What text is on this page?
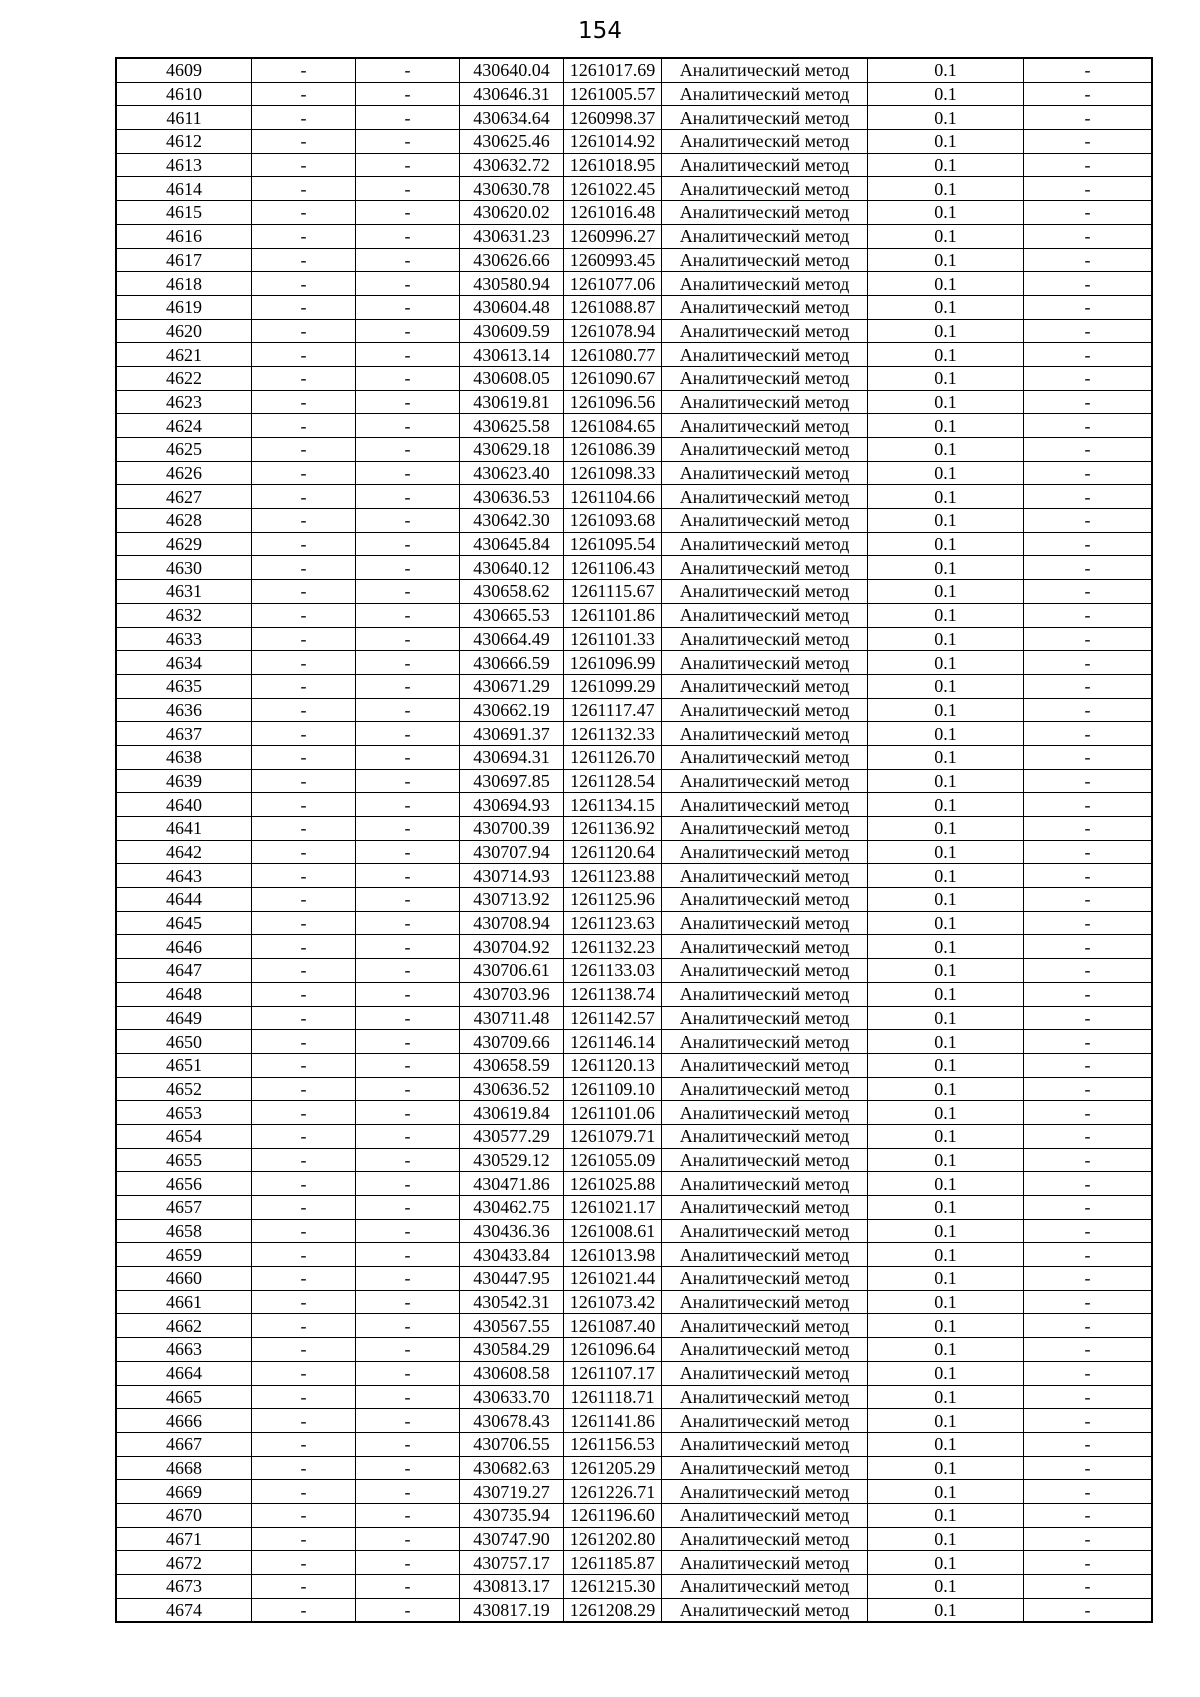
154
4609	-	-	430640.04	1261017.69	Аналитический метод	0.1	-
4610	-	-	430646.31	1261005.57	Аналитический метод	0.1	-
4611	-	-	430634.64	1260998.37	Аналитический метод	0.1	-
4612	-	-	430625.46	1261014.92	Аналитический метод	0.1	-
4613	-	-	430632.72	1261018.95	Аналитический метод	0.1	-
4614	-	-	430630.78	1261022.45	Аналитический метод	0.1	-
4615	-	-	430620.02	1261016.48	Аналитический метод	0.1	-
4616	-	-	430631.23	1260996.27	Аналитический метод	0.1	-
4617	-	-	430626.66	1260993.45	Аналитический метод	0.1	-
4618	-	-	430580.94	1261077.06	Аналитический метод	0.1	-
4619	-	-	430604.48	1261088.87	Аналитический метод	0.1	-
4620	-	-	430609.59	1261078.94	Аналитический метод	0.1	-
4621	-	-	430613.14	1261080.77	Аналитический метод	0.1	-
4622	-	-	430608.05	1261090.67	Аналитический метод	0.1	-
4623	-	-	430619.81	1261096.56	Аналитический метод	0.1	-
4624	-	-	430625.58	1261084.65	Аналитический метод	0.1	-
4625	-	-	430629.18	1261086.39	Аналитический метод	0.1	-
4626	-	-	430623.40	1261098.33	Аналитический метод	0.1	-
4627	-	-	430636.53	1261104.66	Аналитический метод	0.1	-
4628	-	-	430642.30	1261093.68	Аналитический метод	0.1	-
4629	-	-	430645.84	1261095.54	Аналитический метод	0.1	-
4630	-	-	430640.12	1261106.43	Аналитический метод	0.1	-
4631	-	-	430658.62	1261115.67	Аналитический метод	0.1	-
4632	-	-	430665.53	1261101.86	Аналитический метод	0.1	-
4633	-	-	430664.49	1261101.33	Аналитический метод	0.1	-
4634	-	-	430666.59	1261096.99	Аналитический метод	0.1	-
4635	-	-	430671.29	1261099.29	Аналитический метод	0.1	-
4636	-	-	430662.19	1261117.47	Аналитический метод	0.1	-
4637	-	-	430691.37	1261132.33	Аналитический метод	0.1	-
4638	-	-	430694.31	1261126.70	Аналитический метод	0.1	-
4639	-	-	430697.85	1261128.54	Аналитический метод	0.1	-
4640	-	-	430694.93	1261134.15	Аналитический метод	0.1	-
4641	-	-	430700.39	1261136.92	Аналитический метод	0.1	-
4642	-	-	430707.94	1261120.64	Аналитический метод	0.1	-
4643	-	-	430714.93	1261123.88	Аналитический метод	0.1	-
4644	-	-	430713.92	1261125.96	Аналитический метод	0.1	-
4645	-	-	430708.94	1261123.63	Аналитический метод	0.1	-
4646	-	-	430704.92	1261132.23	Аналитический метод	0.1	-
4647	-	-	430706.61	1261133.03	Аналитический метод	0.1	-
4648	-	-	430703.96	1261138.74	Аналитический метод	0.1	-
4649	-	-	430711.48	1261142.57	Аналитический метод	0.1	-
4650	-	-	430709.66	1261146.14	Аналитический метод	0.1	-
4651	-	-	430658.59	1261120.13	Аналитический метод	0.1	-
4652	-	-	430636.52	1261109.10	Аналитический метод	0.1	-
4653	-	-	430619.84	1261101.06	Аналитический метод	0.1	-
4654	-	-	430577.29	1261079.71	Аналитический метод	0.1	-
4655	-	-	430529.12	1261055.09	Аналитический метод	0.1	-
4656	-	-	430471.86	1261025.88	Аналитический метод	0.1	-
4657	-	-	430462.75	1261021.17	Аналитический метод	0.1	-
4658	-	-	430436.36	1261008.61	Аналитический метод	0.1	-
4659	-	-	430433.84	1261013.98	Аналитический метод	0.1	-
4660	-	-	430447.95	1261021.44	Аналитический метод	0.1	-
4661	-	-	430542.31	1261073.42	Аналитический метод	0.1	-
4662	-	-	430567.55	1261087.40	Аналитический метод	0.1	-
4663	-	-	430584.29	1261096.64	Аналитический метод	0.1	-
4664	-	-	430608.58	1261107.17	Аналитический метод	0.1	-
4665	-	-	430633.70	1261118.71	Аналитический метод	0.1	-
4666	-	-	430678.43	1261141.86	Аналитический метод	0.1	-
4667	-	-	430706.55	1261156.53	Аналитический метод	0.1	-
4668	-	-	430682.63	1261205.29	Аналитический метод	0.1	-
4669	-	-	430719.27	1261226.71	Аналитический метод	0.1	-
4670	-	-	430735.94	1261196.60	Аналитический метод	0.1	-
4671	-	-	430747.90	1261202.80	Аналитический метод	0.1	-
4672	-	-	430757.17	1261185.87	Аналитический метод	0.1	-
4673	-	-	430813.17	1261215.30	Аналитический метод	0.1	-
4674	-	-	430817.19	1261208.29	Аналитический метод	0.1	-
